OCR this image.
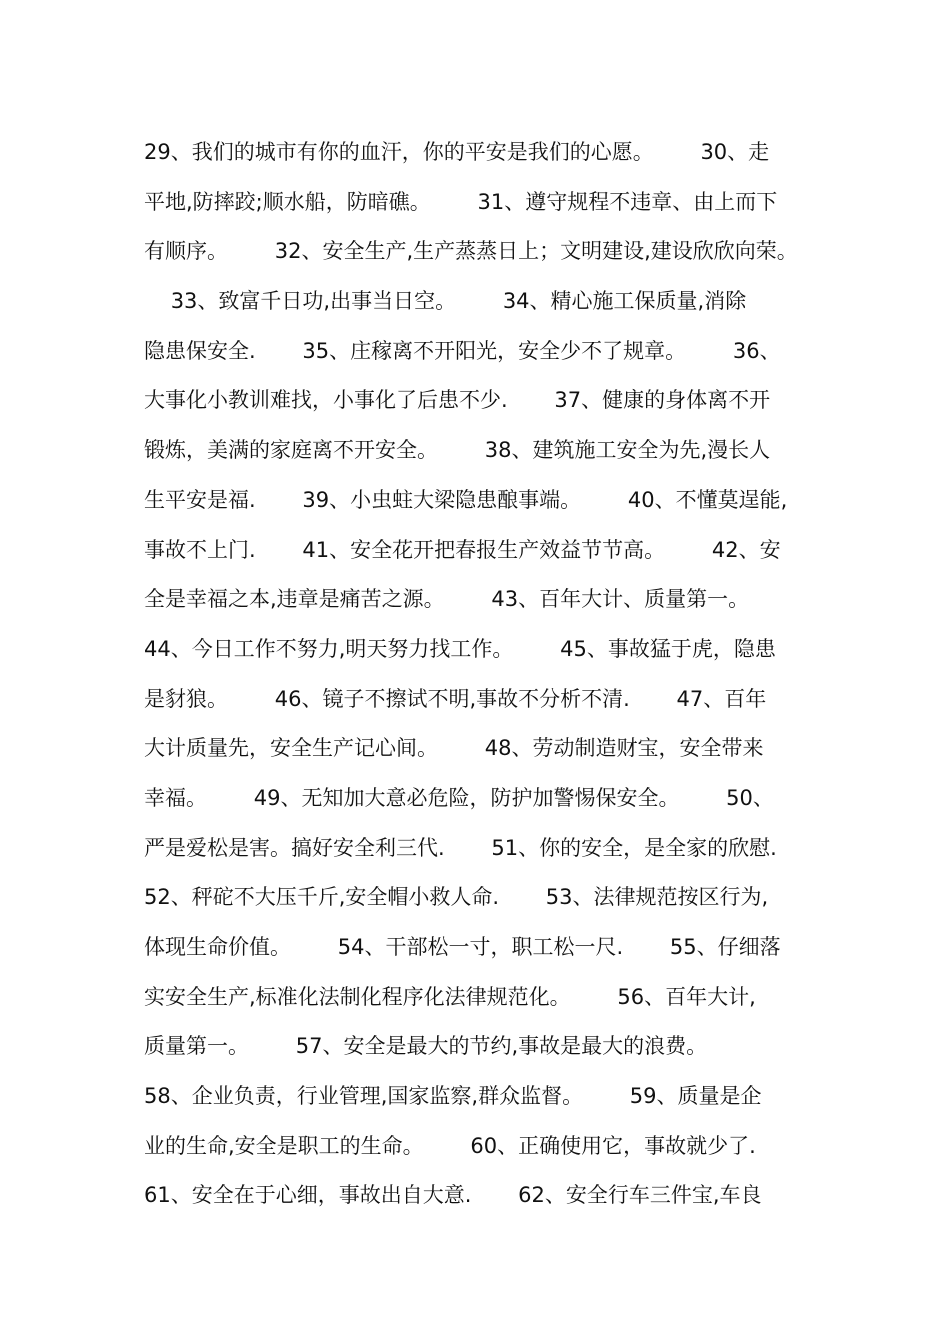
29、我们的城市有你的血汗，你的平安是我们的心愿。       30、走
平地,防摔跤;顺水船，防暗礁。       31、遵守规程不违章、由上而下
有顺序。       32、安全生产,生产蒸蒸日上；文明建设,建设欣欣向荣。
33、致富千日功,出事当日空。       34、精心施工保质量,消除
隐患保安全.       35、庄稼离不开阳光，安全少不了规章。       36、
大事化小教训难找，小事化了后患不少.       37、健康的身体离不开
锻炼，美满的家庭离不开安全。       38、建筑施工安全为先,漫长人
生平安是福.       39、小虫蛀大梁隐患酿事端。       40、不懂莫逞能,
事故不上门.       41、安全花开把春报生产效益节节高。       42、安
全是幸福之本,违章是痛苦之源。       43、百年大计、质量第一。
44、今日工作不努力,明天努力找工作。       45、事故猛于虎，隐患
是豺狼。       46、镜子不擦试不明,事故不分析不清.       47、百年
大计质量先，安全生产记心间。       48、劳动制造财宝，安全带来
幸福。       49、无知加大意必危险，防护加警惕保安全。       50、
严是爱松是害。搞好安全利三代.       51、你的安全，是全家的欣慰.
52、秤砣不大压千斤,安全帽小救人命.       53、法律规范按区行为,
体现生命价值。       54、干部松一寸，职工松一尺.       55、仔细落
实安全生产,标准化法制化程序化法律规范化。       56、百年大计,
质量第一。       57、安全是最大的节约,事故是最大的浪费。
58、企业负责，行业管理,国家监察,群众监督。       59、质量是企
业的生命,安全是职工的生命。       60、正确使用它，事故就少了.
61、安全在于心细，事故出自大意.       62、安全行车三件宝,车良
